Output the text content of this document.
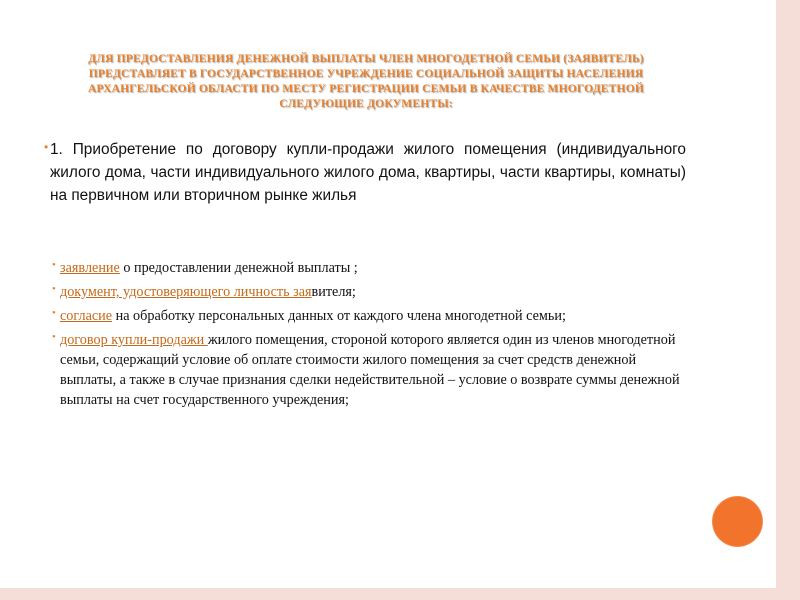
ДЛЯ ПРЕДОСТАВЛЕНИЯ ДЕНЕЖНОЙ ВЫПЛАТЫ ЧЛЕН МНОГОДЕТНОЙ СЕМЬИ (ЗАЯВИТЕЛЬ) ПРЕДСТАВЛЯЕТ В ГОСУДАРСТВЕННОЕ УЧРЕЖДЕНИЕ СОЦИАЛЬНОЙ ЗАЩИТЫ НАСЕЛЕНИЯ АРХАНГЕЛЬСКОЙ ОБЛАСТИ ПО МЕСТУ РЕГИСТРАЦИИ СЕМЬИ В КАЧЕСТВЕ МНОГОДЕТНОЙ СЛЕДУЮЩИЕ ДОКУМЕНТЫ:
• 1. Приобретение по договору купли-продажи жилого помещения (индивидуального жилого дома, части индивидуального жилого дома, квартиры, части квартиры, комнаты) на первичном или вторичном рынке жилья
• заявление о предоставлении денежной выплаты ;
• документ, удостоверяющего личность заявителя;
• согласие на обработку персональных данных от каждого члена многодетной семьи;
• договор купли-продажи жилого помещения, стороной которого является один из членов многодетной семьи, содержащий условие об оплате стоимости жилого помещения за счет средств денежной выплаты, а также в случае признания сделки недействительной – условие о возврате суммы денежной выплаты на счет государственного учреждения;
